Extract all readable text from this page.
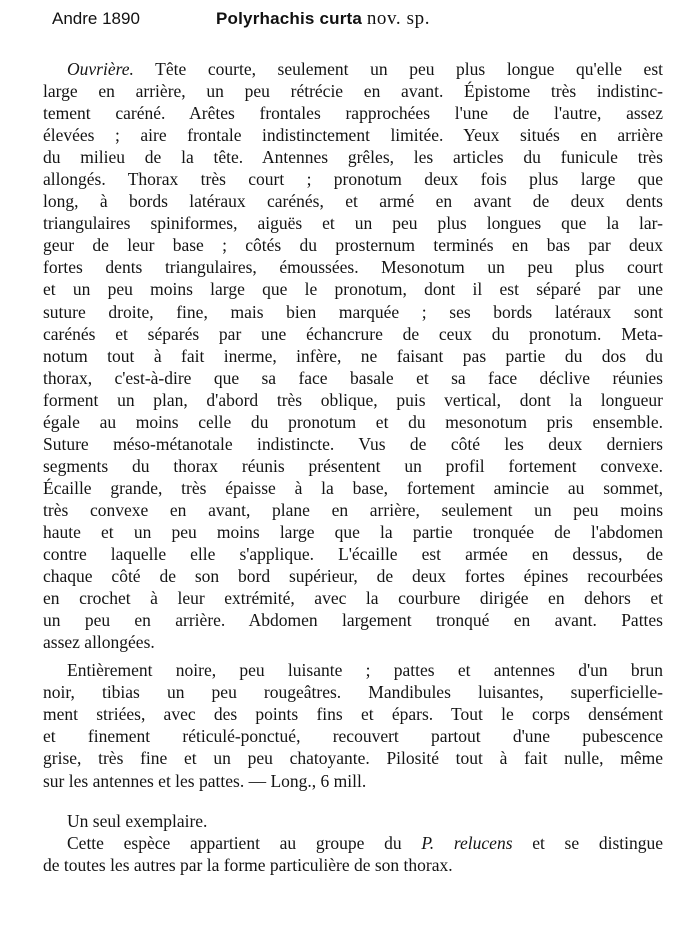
Andre 1890	Polyrhachis curta nov. sp.
Ouvrière. Tête courte, seulement un peu plus longue qu'elle est
large en arrière, un peu rétrécie en avant. Épistome très indistinc-
tement caréné. Arêtes frontales rapprochées l'une de l'autre, assez
élevées ; aire frontale indistinctement limitée. Yeux situés en arrière
du milieu de la tête. Antennes grêles, les articles du funicule très
allongés. Thorax très court ; pronotum deux fois plus large que
long, à bords latéraux carénés, et armé en avant de deux dents
triangulaires spiniformes, aiguës et un peu plus longues que la lar-
geur de leur base ; côtés du prosternum terminés en bas par deux
fortes dents triangulaires, émoussées. Mesonotum un peu plus court
et un peu moins large que le pronotum, dont il est séparé par une
suture droite, fine, mais bien marquée ; ses bords latéraux sont
carénés et séparés par une échancrure de ceux du pronotum. Meta-
notum tout à fait inerme, infère, ne faisant pas partie du dos du
thorax, c'est-à-dire que sa face basale et sa face déclive réunies
forment un plan, d'abord très oblique, puis vertical, dont la longueur
égale au moins celle du pronotum et du mesonotum pris ensemble.
Suture méso-métanotale indistincte. Vus de côté les deux derniers
segments du thorax réunis présentent un profil fortement convexe.
Écaille grande, très épaisse à la base, fortement amincie au sommet,
très convexe en avant, plane en arrière, seulement un peu moins
haute et un peu moins large que la partie tronquée de l'abdomen
contre laquelle elle s'applique. L'écaille est armée en dessus, de
chaque côté de son bord supérieur, de deux fortes épines recourbées
en crochet à leur extrémité, avec la courbure dirigée en dehors et
un peu en arrière. Abdomen largement tronqué en avant. Pattes
assez allongées.
Entièrement noire, peu luisante ; pattes et antennes d'un brun
noir, tibias un peu rougeâtres. Mandibules luisantes, superficielle-
ment striées, avec des points fins et épars. Tout le corps densément
et finement réticulé-ponctué, recouvert partout d'une pubescence
grise, très fine et un peu chatoyante. Pilosité tout à fait nulle, même
sur les antennes et les pattes. — Long., 6 mill.
Un seul exemplaire.
Cette espèce appartient au groupe du P. relucens et se distingue
de toutes les autres par la forme particulière de son thorax.
